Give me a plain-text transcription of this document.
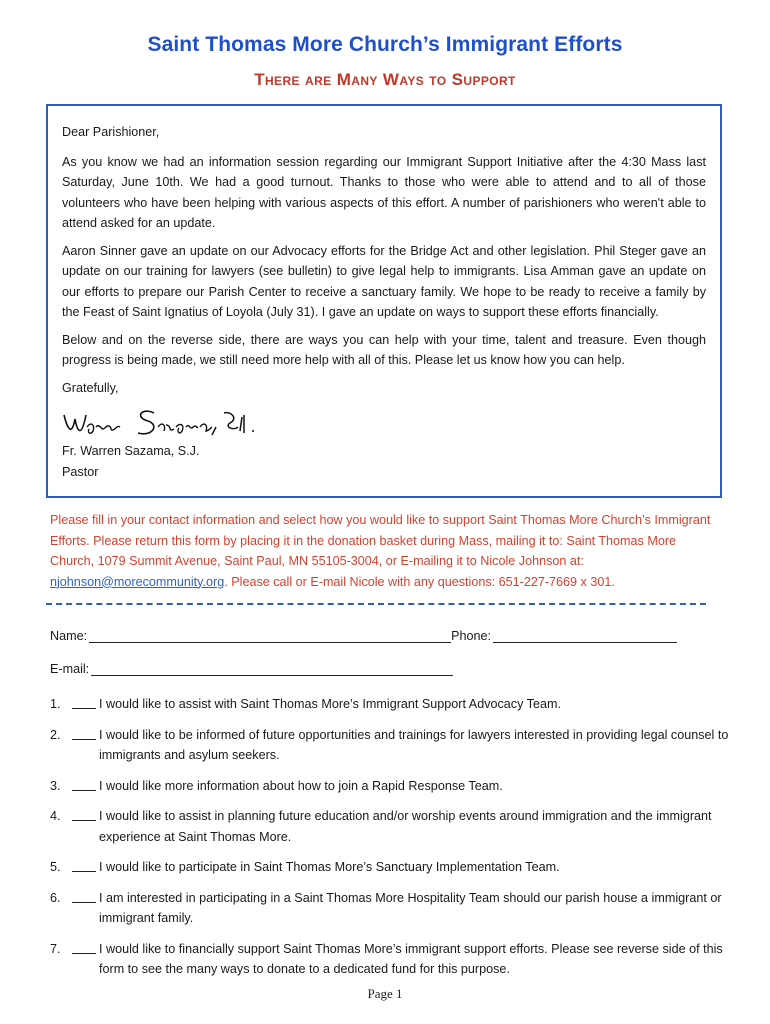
Saint Thomas More Church’s Immigrant Efforts
There are Many Ways to Support

Dear Parishioner,

As you know we had an information session regarding our Immigrant Support Initiative after the 4:30 Mass last Saturday, June 10th. We had a good turnout. Thanks to those who were able to attend and to all of those volunteers who have been helping with various aspects of this effort. A number of parishioners who weren't able to attend asked for an update.

Aaron Sinner gave an update on our Advocacy efforts for the Bridge Act and other legislation. Phil Steger gave an update on our training for lawyers (see bulletin) to give legal help to immigrants. Lisa Amman gave an update on our efforts to prepare our Parish Center to receive a sanctuary family. We hope to be ready to receive a family by the Feast of Saint Ignatius of Loyola (July 31). I gave an update on ways to support these efforts financially.

Below and on the reverse side, there are ways you can help with your time, talent and treasure. Even though progress is being made, we still need more help with all of this. Please let us know how you can help.

Gratefully,

Fr. Warren Sazama, S.J.

Pastor

Please fill in your contact information and select how you would like to support Saint Thomas More Church’s Immigrant Efforts. Please return this form by placing it in the donation basket during Mass, mailing it to: Saint Thomas More Church, 1079 Summit Avenue, Saint Paul, MN 55105-3004, or E-mailing it to Nicole Johnson at: njohnson@morecommunity.org. Please call or E-mail Nicole with any questions: 651-227-7669 x 301.
Name:	Phone:
E-mail:
1.	I would like to assist with Saint Thomas More’s Immigrant Support Advocacy Team.
2.	I would like to be informed of future opportunities and trainings for lawyers interested in providing legal counsel to immigrants and asylum seekers.
3.	I would like more information about how to join a Rapid Response Team.
4.	I would like to assist in planning future education and/or worship events around immigration and the immigrant experience at Saint Thomas More.
5.	I would like to participate in Saint Thomas More’s Sanctuary Implementation Team.
6.	I am interested in participating in a Saint Thomas More Hospitality Team should our parish house a immigrant or immigrant family.
7.	I would like to financially support Saint Thomas More’s immigrant support efforts. Please see reverse side of this form to see the many ways to donate to a dedicated fund for this purpose.
Page 1
